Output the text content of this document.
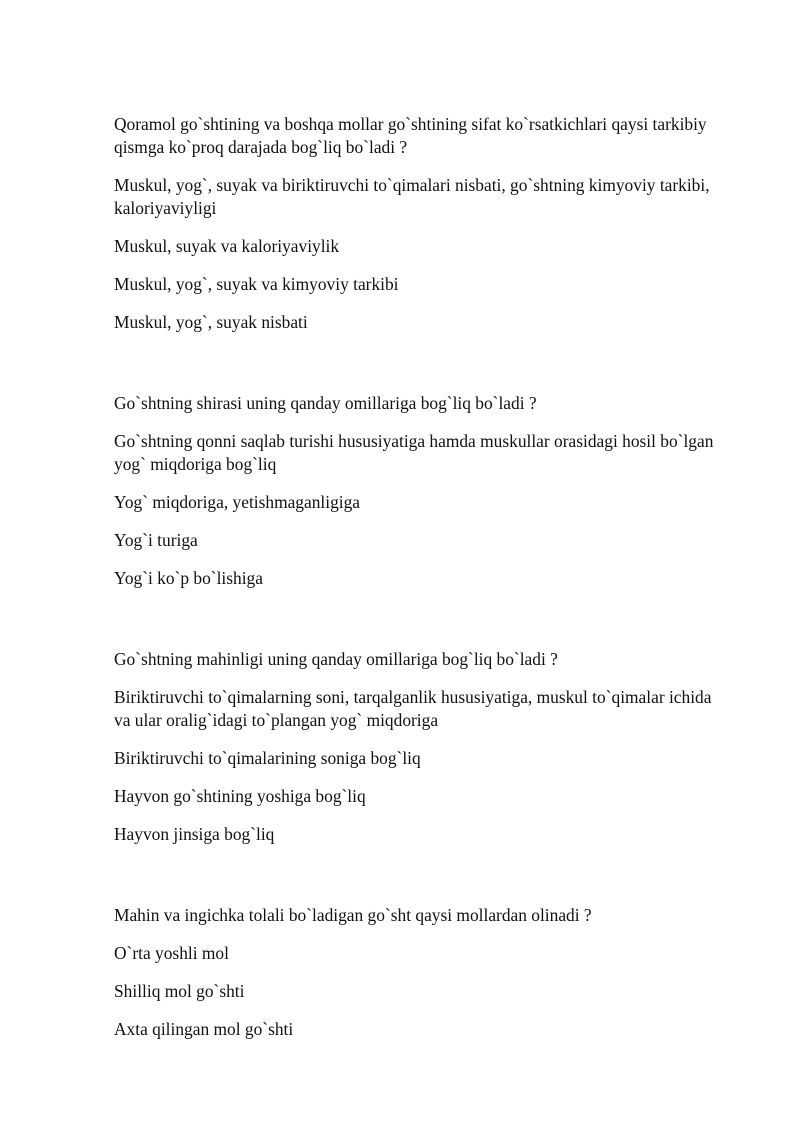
Qoramol go`shtining va boshqa mollar go`shtining sifat ko`rsatkichlari qaysi tarkibiy qismga ko`proq darajada bog`liq bo`ladi ?

Muskul, yog`, suyak va biriktiruvchi to`qimalari nisbati, go`shtning kimyoviy tarkibi, kaloriyaviyligi

Muskul, suyak va kaloriyaviylik

Muskul, yog`, suyak va kimyoviy tarkibi

Muskul, yog`, suyak nisbati

Go`shtning shirasi uning qanday omillariga bog`liq bo`ladi ?

Go`shtning qonni saqlab turishi hususiyatiga hamda muskullar orasidagi hosil bo`lgan yog` miqdoriga bog`liq

Yog` miqdoriga, yetishmaganligiga

Yog`i turiga

Yog`i ko`p bo`lishiga

Go`shtning mahinligi uning qanday omillariga bog`liq bo`ladi ?

Biriktiruvchi to`qimalarning soni, tarqalganlik hususiyatiga, muskul to`qimalar ichida va ular oralig`idagi to`plangan yog` miqdoriga

Biriktiruvchi to`qimalarining soniga bog`liq

Hayvon go`shtining yoshiga bog`liq

Hayvon jinsiga bog`liq

Mahin va ingichka tolali bo`ladigan go`sht qaysi mollardan olinadi ?

O`rta yoshli mol

Shilliq mol go`shti

Axta qilingan mol go`shti
